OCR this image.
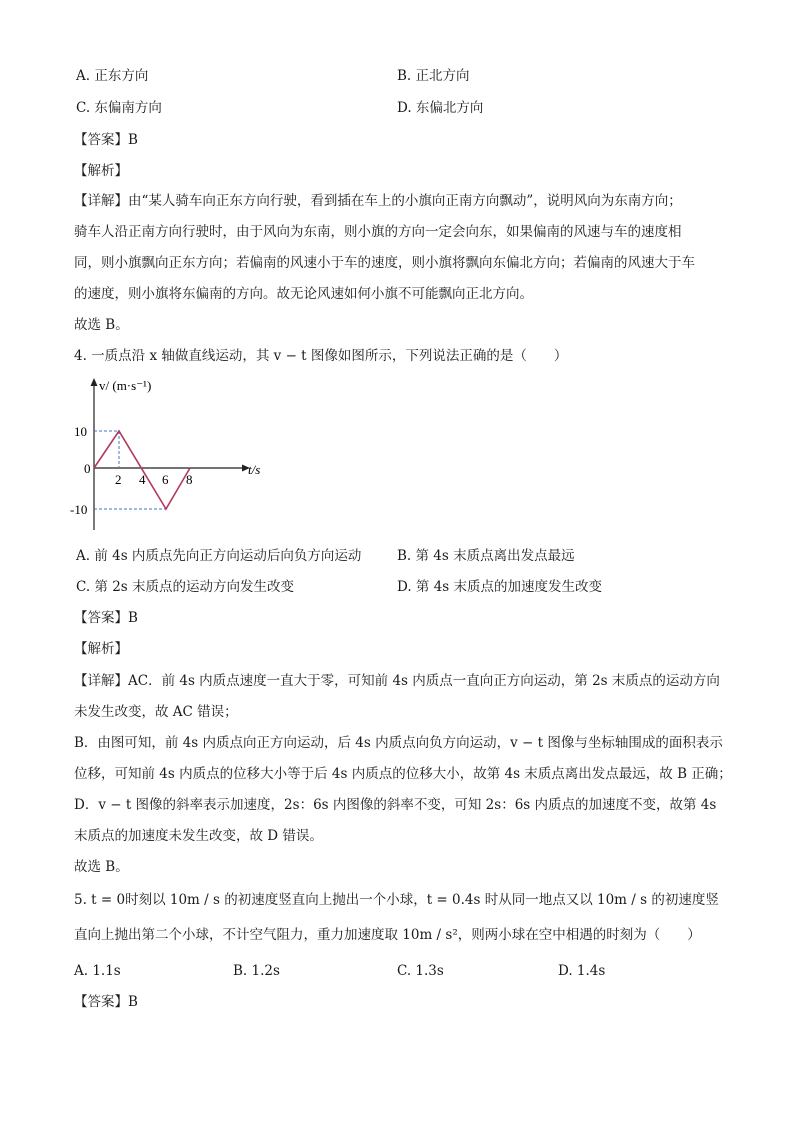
A. 正东方向	B. 正北方向
C. 东偏南方向	D. 东偏北方向
【答案】B
【解析】
【详解】由“某人骑车向正东方向行驶，看到插在车上的小旗向正南方向飘动”，说明风向为东南方向；
骑车人沿正南方向行驶时，由于风向为东南，则小旗的方向一定会向东，如果偏南的风速与车的速度相
同，则小旗飘向正东方向；若偏南的风速小于车的速度，则小旗将飘向东偏北方向；若偏南的风速大于车
的速度，则小旗将东偏南的方向。故无论风速如何小旗不可能飘向正北方向。
故选 B。
4. 一质点沿 x 轴做直线运动，其 v − t 图像如图所示，下列说法正确的是（　　）
v/ (m·s⁻¹)
t/s
0
2 4 6 8
10
-10
A. 前 4s 内质点先向正方向运动后向负方向运动	B. 第 4s 末质点离出发点最远
C. 第 2s 末质点的运动方向发生改变	D. 第 4s 末质点的加速度发生改变
【答案】B
【解析】
【详解】AC．前 4s 内质点速度一直大于零，可知前 4s 内质点一直向正方向运动，第 2s 末质点的运动方向
未发生改变，故 AC 错误；
B．由图可知，前 4s 内质点向正方向运动，后 4s 内质点向负方向运动，v − t 图像与坐标轴围成的面积表示
位移，可知前 4s 内质点的位移大小等于后 4s 内质点的位移大小，故第 4s 末质点离出发点最远，故 B 正确；
D．v − t 图像的斜率表示加速度，2s：6s 内图像的斜率不变，可知 2s：6s 内质点的加速度不变，故第 4s
末质点的加速度未发生改变，故 D 错误。
故选 B。
5. t = 0时刻以 10m / s 的初速度竖直向上抛出一个小球，t = 0.4s 时从同一地点又以 10m / s 的初速度竖
直向上抛出第二个小球，不计空气阻力，重力加速度取 10m / s²，则两小球在空中相遇的时刻为（　　）
A. 1.1s	B. 1.2s	C. 1.3s	D. 1.4s
【答案】B
